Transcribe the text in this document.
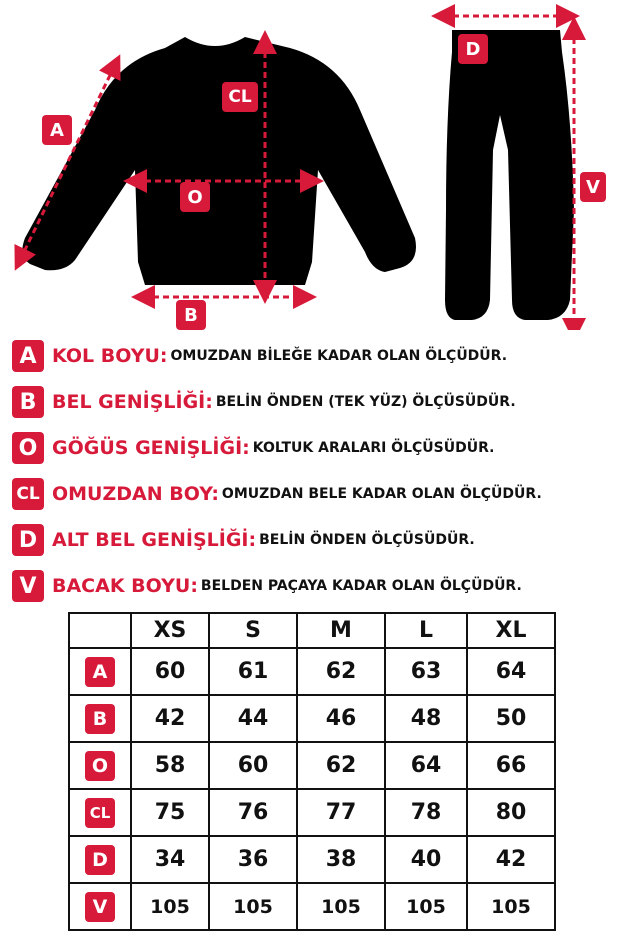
A
CL
O
B
D
V
A KOL BOYU: OMUZDAN BİLEĞE KADAR OLAN ÖLÇÜDÜR.
B BEL GENİŞLİĞİ: BELİN ÖNDEN (TEK YÜZ) ÖLÇÜSÜDÜR.
O GÖĞÜS GENİŞLİĞİ: KOLTUK ARALARI ÖLÇÜSÜDÜR.
CL OMUZDAN BOY: OMUZDAN BELE KADAR OLAN ÖLÇÜDÜR.
D ALT BEL GENİŞLİĞİ: BELİN ÖNDEN ÖLÇÜSÜDÜR.
V BACAK BOYU: BELDEN PAÇAYA KADAR OLAN ÖLÇÜDÜR.
	XS	S	M	L	XL
A	60	61	62	63	64
B	42	44	46	48	50
O	58	60	62	64	66
CL	75	76	77	78	80
D	34	36	38	40	42
V	105	105	105	105	105
